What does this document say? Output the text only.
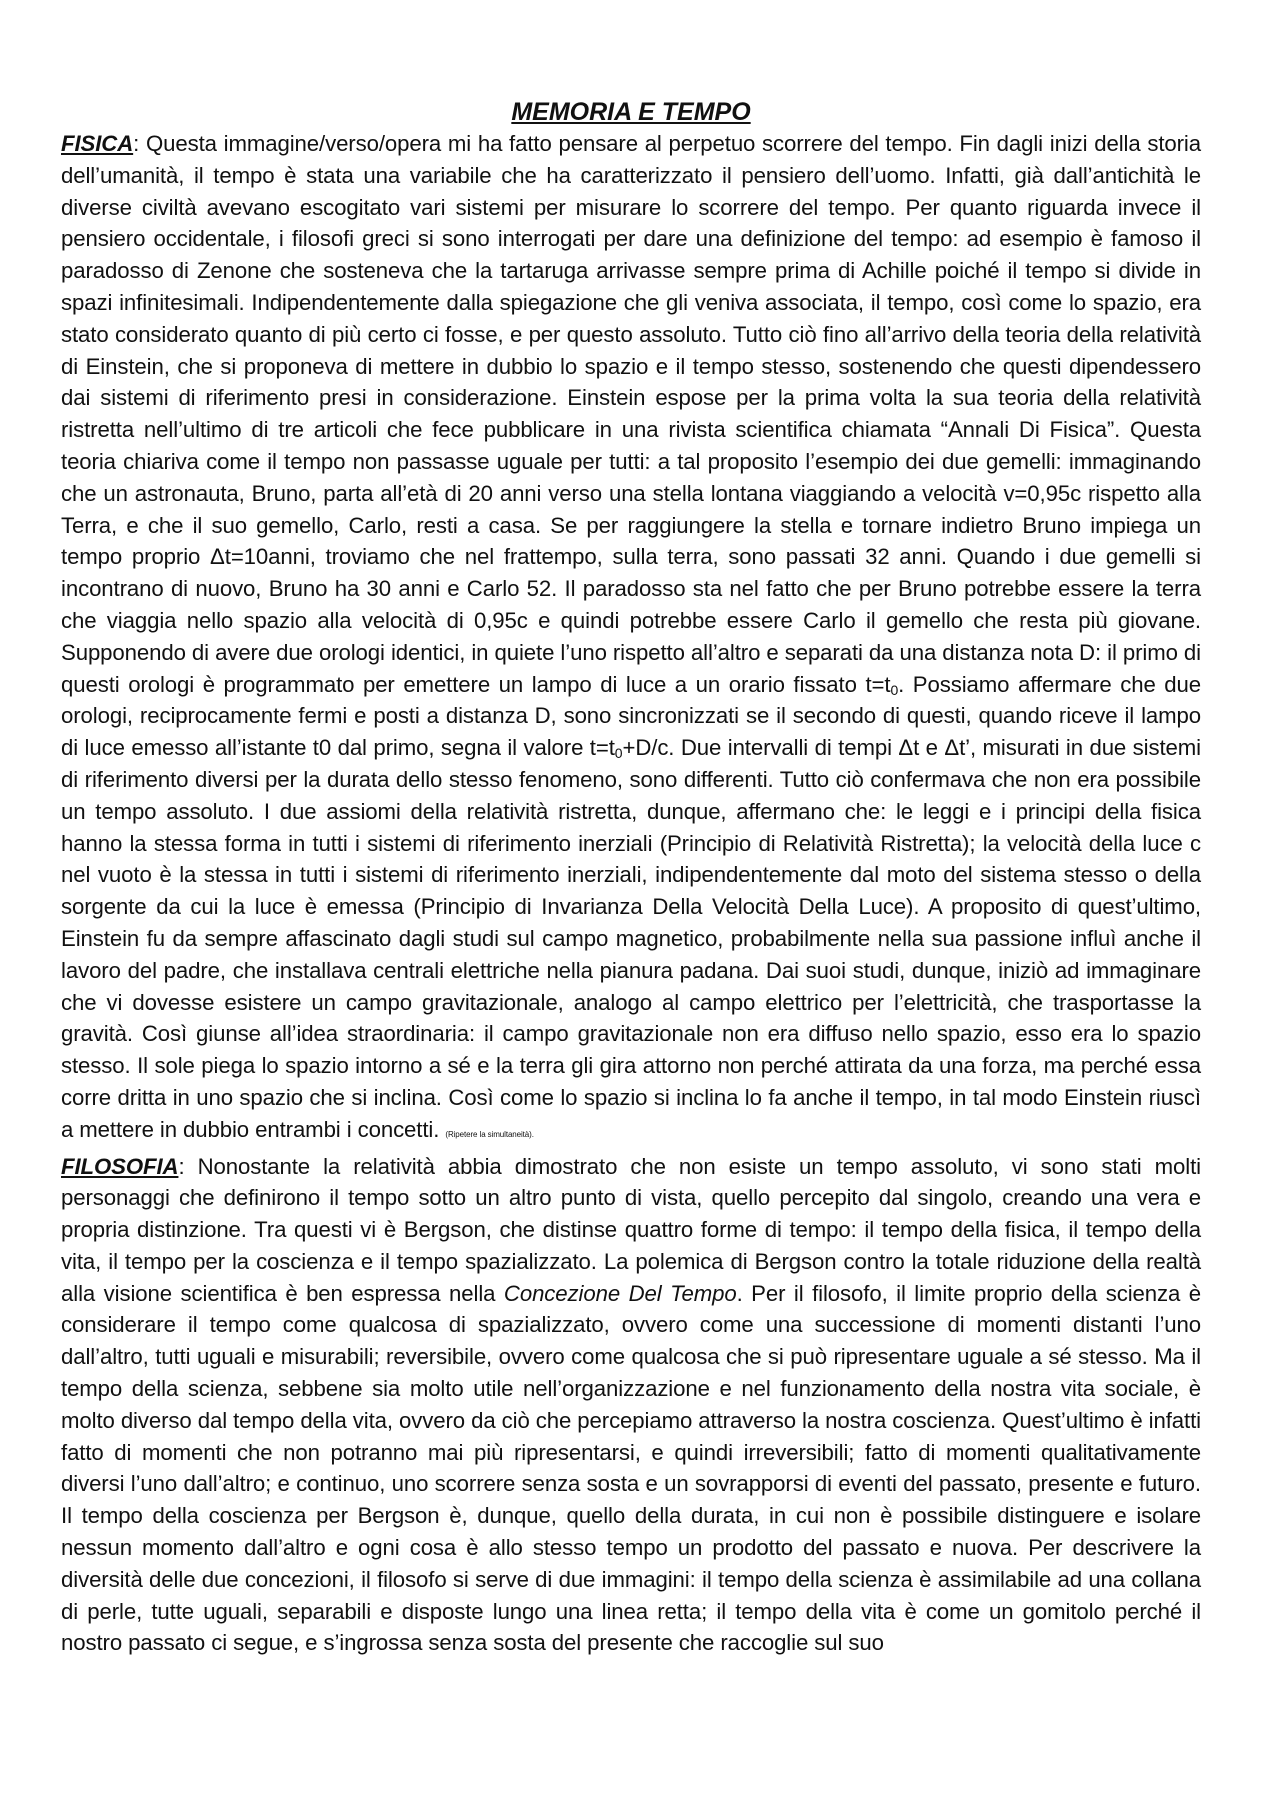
MEMORIA E TEMPO

FISICA: Questa immagine/verso/opera mi ha fatto pensare al perpetuo scorrere del tempo. Fin dagli inizi della storia dell’umanità, il tempo è stata una variabile che ha caratterizzato il pensiero dell’uomo. Infatti, già dall’antichità le diverse civiltà avevano escogitato vari sistemi per misurare lo scorrere del tempo. Per quanto riguarda invece il pensiero occidentale, i filosofi greci si sono interrogati per dare una definizione del tempo: ad esempio è famoso il paradosso di Zenone che sosteneva che la tartaruga arrivasse sempre prima di Achille poiché il tempo si divide in spazi infinitesimali. Indipendentemente dalla spiegazione che gli veniva associata, il tempo, così come lo spazio, era stato considerato quanto di più certo ci fosse, e per questo assoluto. Tutto ciò fino all’arrivo della teoria della relatività di Einstein, che si proponeva di mettere in dubbio lo spazio e il tempo stesso, sostenendo che questi dipendessero dai sistemi di riferimento presi in considerazione. Einstein espose per la prima volta la sua teoria della relatività ristretta nell’ultimo di tre articoli che fece pubblicare in una rivista scientifica chiamata “Annali Di Fisica”. Questa teoria chiariva come il tempo non passasse uguale per tutti: a tal proposito l’esempio dei due gemelli: immaginando che un astronauta, Bruno, parta all’età di 20 anni verso una stella lontana viaggiando a velocità v=0,95c rispetto alla Terra, e che il suo gemello, Carlo, resti a casa. Se per raggiungere la stella e tornare indietro Bruno impiega un tempo proprio Δt=10anni, troviamo che nel frattempo, sulla terra, sono passati 32 anni. Quando i due gemelli si incontrano di nuovo, Bruno ha 30 anni e Carlo 52. Il paradosso sta nel fatto che per Bruno potrebbe essere la terra che viaggia nello spazio alla velocità di 0,95c e quindi potrebbe essere Carlo il gemello che resta più giovane. Supponendo di avere due orologi identici, in quiete l’uno rispetto all’altro e separati da una distanza nota D: il primo di questi orologi è programmato per emettere un lampo di luce a un orario fissato $t=t_0$. Possiamo affermare che due orologi, reciprocamente fermi e posti a distanza D, sono sincronizzati se il secondo di questi, quando riceve il lampo di luce emesso all’istante t0 dal primo, segna il valore $t=t_0+D/c$. Due intervalli di tempi Δt e Δt’, misurati in due sistemi di riferimento diversi per la durata dello stesso fenomeno, sono differenti. Tutto ciò confermava che non era possibile un tempo assoluto. I due assiomi della relatività ristretta, dunque, affermano che: le leggi e i principi della fisica hanno la stessa forma in tutti i sistemi di riferimento inerziali (Principio di Relatività Ristretta); la velocità della luce c nel vuoto è la stessa in tutti i sistemi di riferimento inerziali, indipendentemente dal moto del sistema stesso o della sorgente da cui la luce è emessa (Principio di Invarianza Della Velocità Della Luce). A proposito di quest’ultimo, Einstein fu da sempre affascinato dagli studi sul campo magnetico, probabilmente nella sua passione influì anche il lavoro del padre, che installava centrali elettriche nella pianura padana. Dai suoi studi, dunque, iniziò ad immaginare che vi dovesse esistere un campo gravitazionale, analogo al campo elettrico per l’elettricità, che trasportasse la gravità. Così giunse all’idea straordinaria: il campo gravitazionale non era diffuso nello spazio, esso era lo spazio stesso. Il sole piega lo spazio intorno a sé e la terra gli gira attorno non perché attirata da una forza, ma perché essa corre dritta in uno spazio che si inclina. Così come lo spazio si inclina lo fa anche il tempo, in tal modo Einstein riuscì a mettere in dubbio entrambi i concetti. (Ripetere la simultaneità).

FILOSOFIA: Nonostante la relatività abbia dimostrato che non esiste un tempo assoluto, vi sono stati molti personaggi che definirono il tempo sotto un altro punto di vista, quello percepito dal singolo, creando una vera e propria distinzione. Tra questi vi è Bergson, che distinse quattro forme di tempo: il tempo della fisica, il tempo della vita, il tempo per la coscienza e il tempo spazializzato. La polemica di Bergson contro la totale riduzione della realtà alla visione scientifica è ben espressa nella Concezione Del Tempo. Per il filosofo, il limite proprio della scienza è considerare il tempo come qualcosa di spazializzato, ovvero come una successione di momenti distanti l’uno dall’altro, tutti uguali e misurabili; reversibile, ovvero come qualcosa che si può ripresentare uguale a sé stesso. Ma il tempo della scienza, sebbene sia molto utile nell’organizzazione e nel funzionamento della nostra vita sociale, è molto diverso dal tempo della vita, ovvero da ciò che percepiamo attraverso la nostra coscienza. Quest’ultimo è infatti fatto di momenti che non potranno mai più ripresentarsi, e quindi irreversibili; fatto di momenti qualitativamente diversi l’uno dall’altro; e continuo, uno scorrere senza sosta e un sovrapporsi di eventi del passato, presente e futuro. Il tempo della coscienza per Bergson è, dunque, quello della durata, in cui non è possibile distinguere e isolare nessun momento dall’altro e ogni cosa è allo stesso tempo un prodotto del passato e nuova. Per descrivere la diversità delle due concezioni, il filosofo si serve di due immagini: il tempo della scienza è assimilabile ad una collana di perle, tutte uguali, separabili e disposte lungo una linea retta; il tempo della vita è come un gomitolo perché il nostro passato ci segue, e s’ingrossa senza sosta del presente che raccoglie sul suo
